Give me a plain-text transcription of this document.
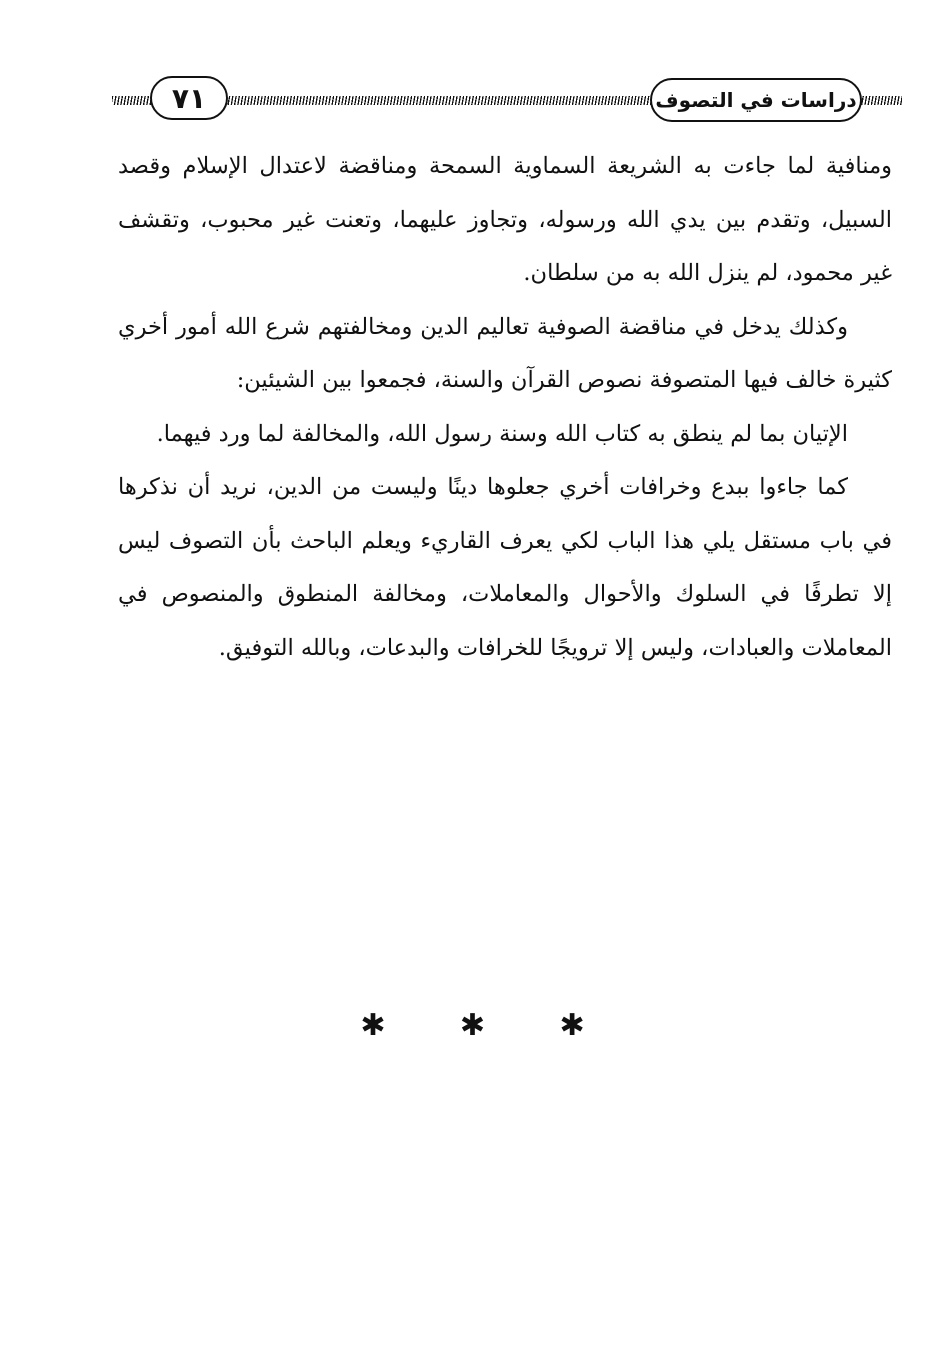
٧١	دراسات في التصوف

ومنافية لما جاءت به الشريعة السماوية السمحة ومناقضة لاعتدال الإسلام وقصد السبيل، وتقدم بين يدي الله ورسوله، وتجاوز عليهما، وتعنت غير محبوب، وتقشف غير محمود، لم ينزل الله به من سلطان.

وكذلك يدخل في مناقضة الصوفية تعاليم الدين ومخالفتهم شرع الله أمور أخري كثيرة خالف فيها المتصوفة نصوص القرآن والسنة، فجمعوا بين الشيئين:

الإتيان بما لم ينطق به كتاب الله وسنة رسول الله، والمخالفة لما ورد فيهما.

كما جاءوا ببدع وخرافات أخري جعلوها دينًا وليست من الدين، نريد أن نذكرها في باب مستقل يلي هذا الباب لكي يعرف القاريء ويعلم الباحث بأن التصوف ليس إلا تطرفًا في السلوك والأحوال والمعاملات، ومخالفة المنطوق والمنصوص في المعاملات والعبادات، وليس إلا ترويجًا للخرافات والبدعات، وبالله التوفيق.

✱ ✱ ✱
